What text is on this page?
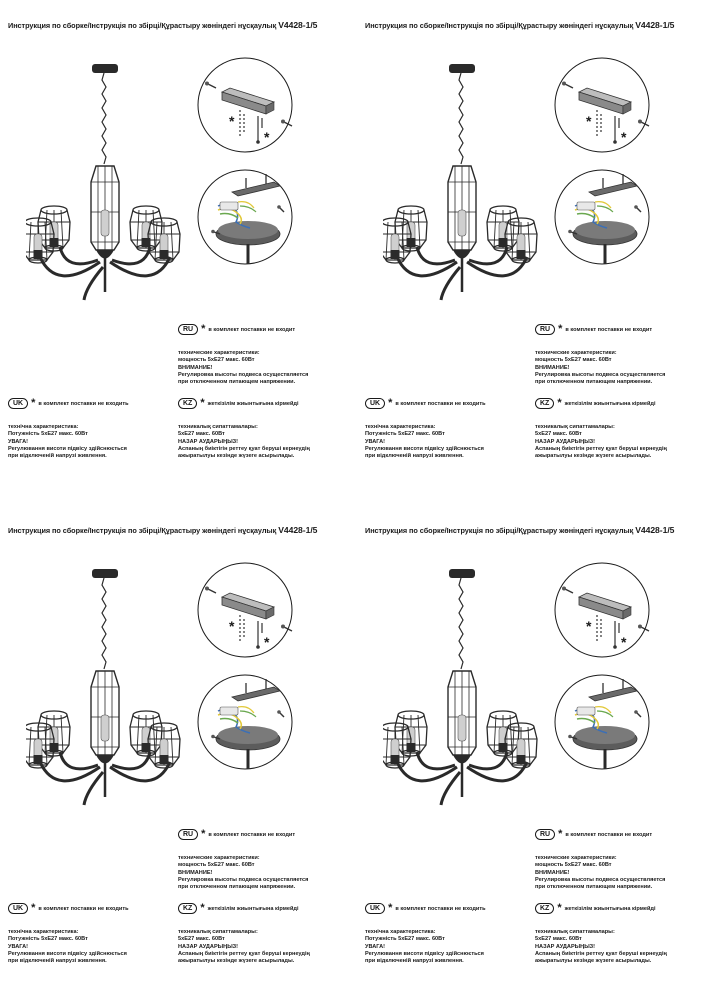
Инструкция по сборке/Інструкція по збірці/Құрастыру жөніндегі нұсқаулық V4428-1/5
RU * в комплект поставки не входит
технические характеристики:
мощность 5хЕ27 макс. 60Вт
ВНИМАНИЕ!
Регулировка высоты подвеса осуществляется
при отключенном питающем напряжении.
UK * в комплект поставки не входить
технічна характеристика:
Потужність 5хЕ27 макс. 60Вт
УВАГА!
Регулювання висоти підвісу здійснюється
при відключеній напрузі живлення.
KZ * жеткізілім жиынтығына кірмейді
техникалық сипаттамалары:
5хЕ27 макс. 60Вт
НАЗАР АУДАРЫҢЫЗ!
Аспаның биіктігін реттеу қуат беруші кернеудің
ажыратылуы кезінде жүзеге асырылады.
Инструкция по сборке/Інструкція по збірці/Құрастыру жөніндегі нұсқаулық V4428-1/5
RU * в комплект поставки не входит
технические характеристики:
мощность 5хЕ27 макс. 60Вт
ВНИМАНИЕ!
Регулировка высоты подвеса осуществляется
при отключенном питающем напряжении.
UK * в комплект поставки не входить
технічна характеристика:
Потужність 5хЕ27 макс. 60Вт
УВАГА!
Регулювання висоти підвісу здійснюється
при відключеній напрузі живлення.
KZ * жеткізілім жиынтығына кірмейді
техникалық сипаттамалары:
5хЕ27 макс. 60Вт
НАЗАР АУДАРЫҢЫЗ!
Аспаның биіктігін реттеу қуат беруші кернеудің
ажыратылуы кезінде жүзеге асырылады.
Инструкция по сборке/Інструкція по збірці/Құрастыру жөніндегі нұсқаулық V4428-1/5
RU * в комплект поставки не входит
технические характеристики:
мощность 5хЕ27 макс. 60Вт
ВНИМАНИЕ!
Регулировка высоты подвеса осуществляется
при отключенном питающем напряжении.
UK * в комплект поставки не входить
технічна характеристика:
Потужність 5хЕ27 макс. 60Вт
УВАГА!
Регулювання висоти підвісу здійснюється
при відключеній напрузі живлення.
KZ * жеткізілім жиынтығына кірмейді
техникалық сипаттамалары:
5хЕ27 макс. 60Вт
НАЗАР АУДАРЫҢЫЗ!
Аспаның биіктігін реттеу қуат беруші кернеудің
ажыратылуы кезінде жүзеге асырылады.
Инструкция по сборке/Інструкція по збірці/Құрастыру жөніндегі нұсқаулық V4428-1/5
RU * в комплект поставки не входит
технические характеристики:
мощность 5хЕ27 макс. 60Вт
ВНИМАНИЕ!
Регулировка высоты подвеса осуществляется
при отключенном питающем напряжении.
UK * в комплект поставки не входить
технічна характеристика:
Потужність 5хЕ27 макс. 60Вт
УВАГА!
Регулювання висоти підвісу здійснюється
при відключеній напрузі живлення.
KZ * жеткізілім жиынтығына кірмейді
техникалық сипаттамалары:
5хЕ27 макс. 60Вт
НАЗАР АУДАРЫҢЫЗ!
Аспаның биіктігін реттеу қуат беруші кернеудің
ажыратылуы кезінде жүзеге асырылады.
